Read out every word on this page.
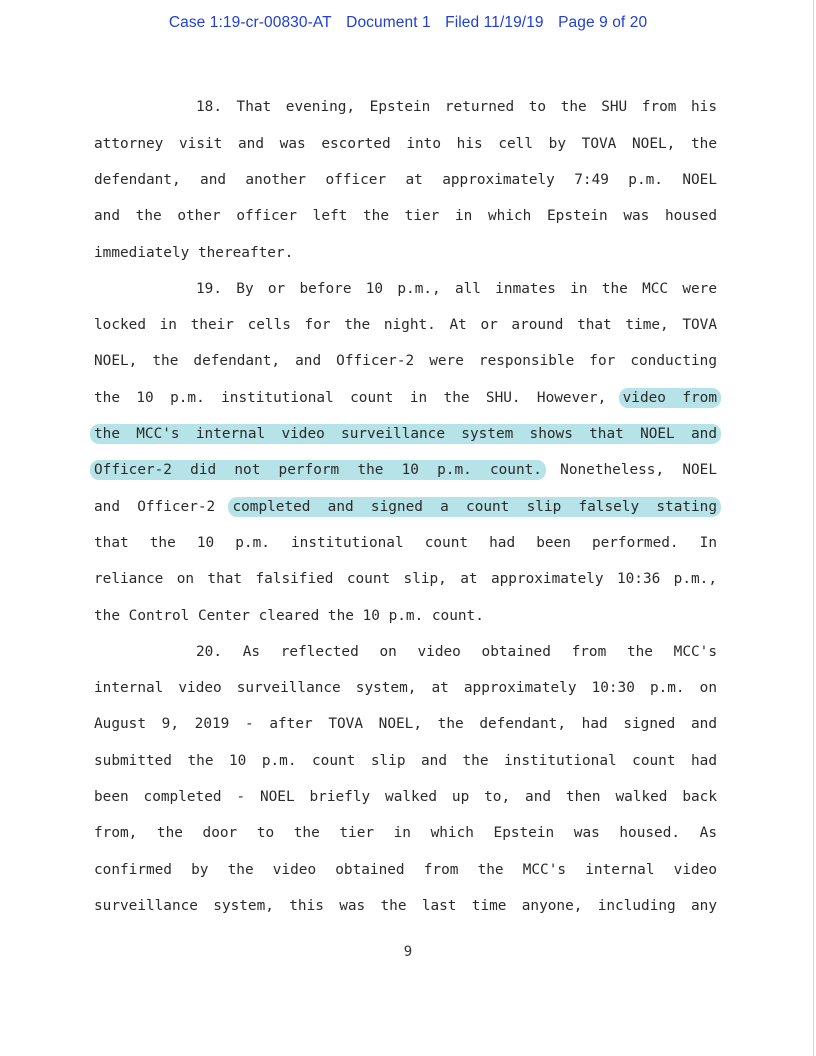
Case 1:19-cr-00830-AT Document 1 Filed 11/19/19 Page 9 of 20
18. That evening, Epstein returned to the SHU from his
attorney visit and was escorted into his cell by TOVA NOEL, the
defendant, and another officer at approximately 7:49 p.m. NOEL
and the other officer left the tier in which Epstein was housed
immediately thereafter.
19. By or before 10 p.m., all inmates in the MCC were
locked in their cells for the night. At or around that time, TOVA
NOEL, the defendant, and Officer-2 were responsible for conducting
the 10 p.m. institutional count in the SHU. However, video from
the MCC's internal video surveillance system shows that NOEL and
Officer-2 did not perform the 10 p.m. count. Nonetheless, NOEL
and Officer-2 completed and signed a count slip falsely stating
that the 10 p.m. institutional count had been performed. In
reliance on that falsified count slip, at approximately 10:36 p.m.,
the Control Center cleared the 10 p.m. count.
20. As reflected on video obtained from the MCC's
internal video surveillance system, at approximately 10:30 p.m. on
August 9, 2019 - after TOVA NOEL, the defendant, had signed and
submitted the 10 p.m. count slip and the institutional count had
been completed - NOEL briefly walked up to, and then walked back
from, the door to the tier in which Epstein was housed. As
confirmed by the video obtained from the MCC's internal video
surveillance system, this was the last time anyone, including any
9
